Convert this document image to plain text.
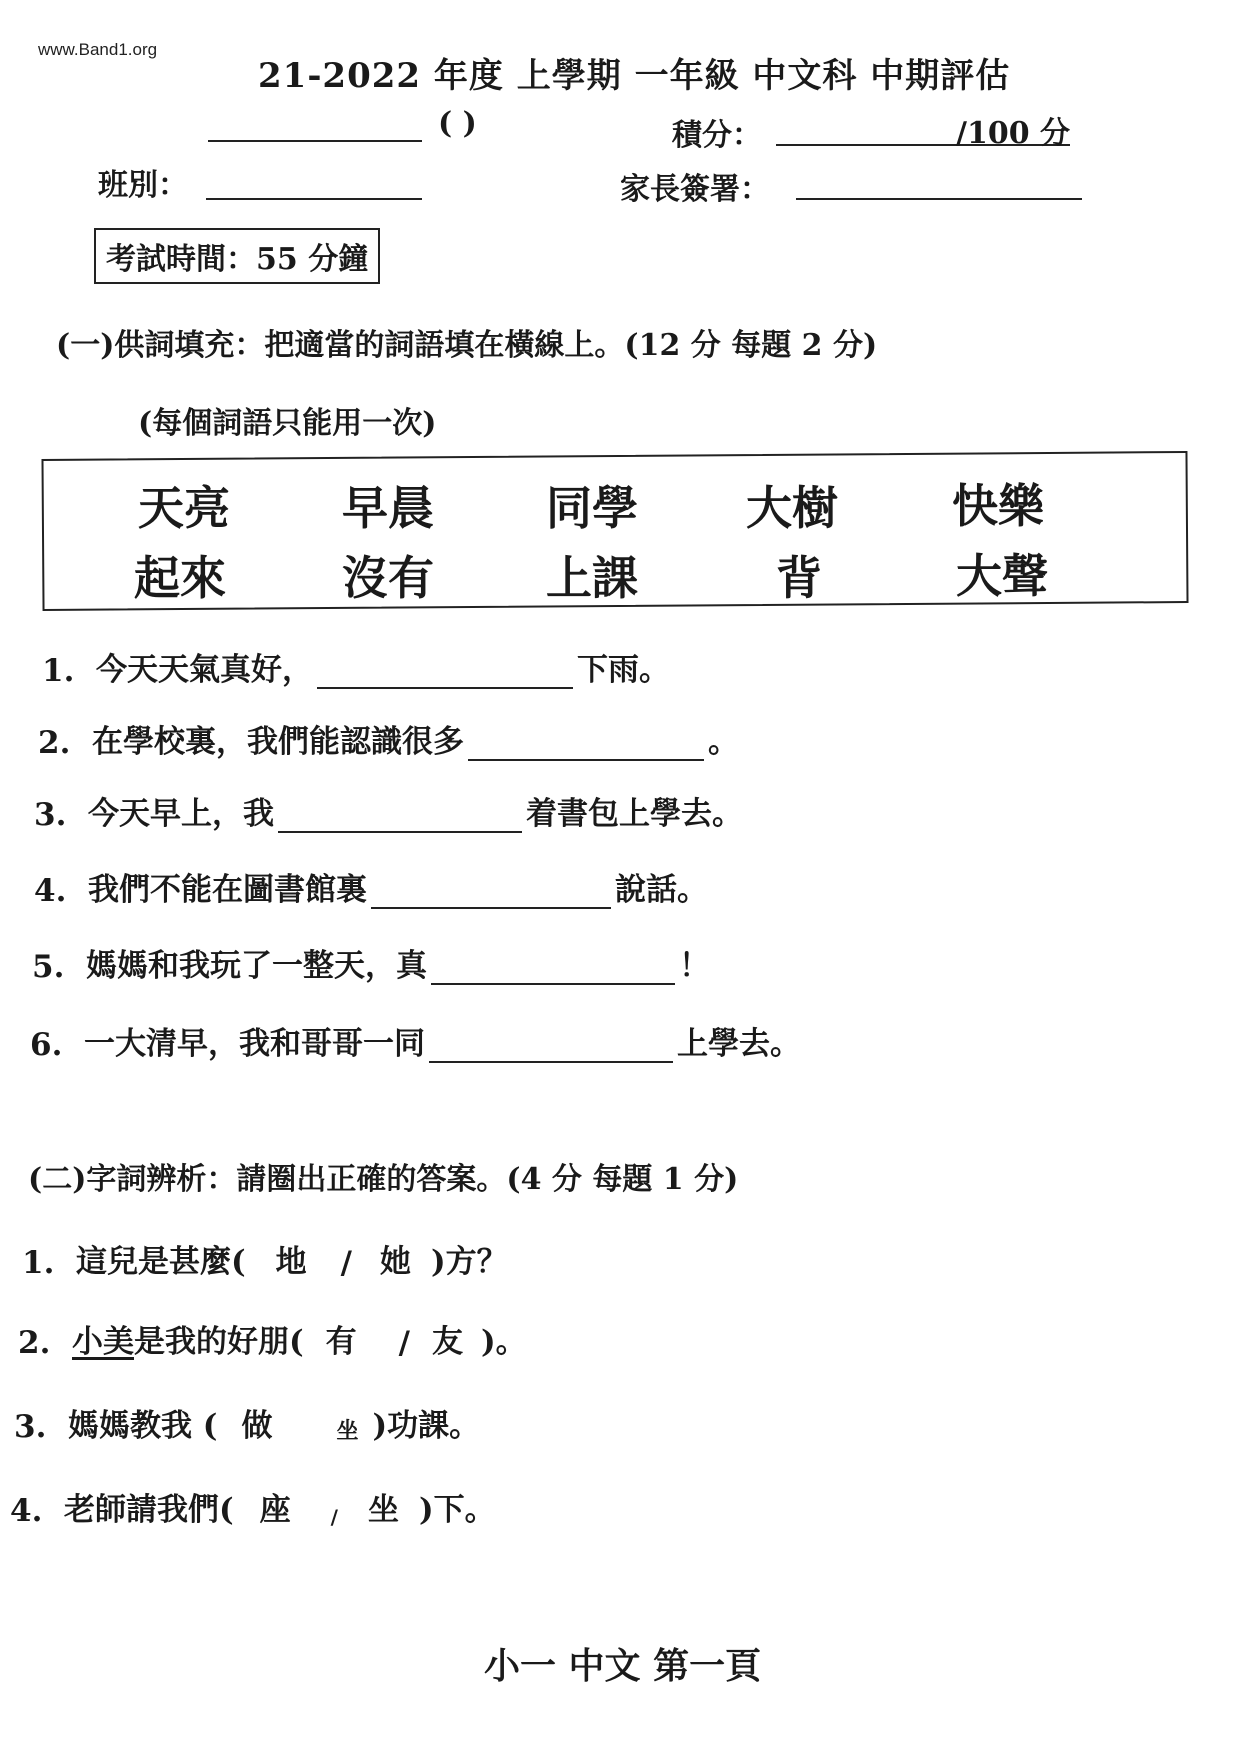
www.Band1.org
21-2022 年度 上學期 一年級 中文科 中期評估
( )	積分：	/100 分
班別：	家長簽署：
考試時間：55 分鐘
(一)供詞填充：把適當的詞語填在橫線上。(12 分 每題 2 分)
(每個詞語只能用一次)
天亮 早晨 同學 大樹 快樂
起來	沒有 上課	背	大聲
1. 今天天氣真好，	下雨。
2. 在學校裏，我們能認識很多	。
3. 今天早上，我	着書包上學去。
4. 我們不能在圖書館裏	說話。
5. 媽媽和我玩了一整天，真	！
6. 一大清早，我和哥哥一同	上學去。
(二)字詞辨析：請圈出正確的答案。(4 分 每題 1 分)
1. 這兒是甚麼( 地 / 她 )方？
2. 小美 是我的好朋( 有 / 友 )。
3. 媽媽教我 ( 做	坐 )功課。
4. 老師請我們( 座 / 坐 )下。
小一 中文 第一頁
